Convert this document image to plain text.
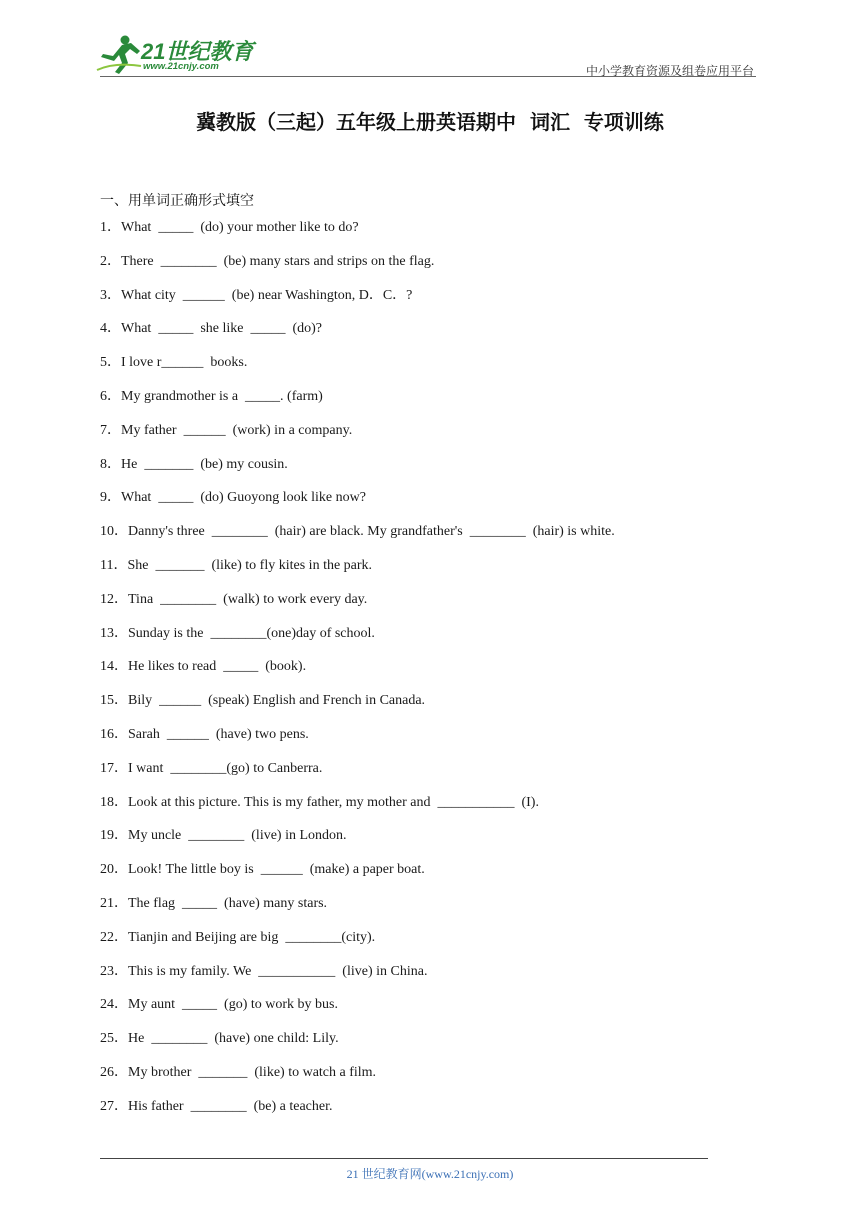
21世纪教育
www.21cnjy.com	中小学教育资源及组卷应用平台
冀教版（三起）五年级上册英语期中  词汇  专项训练
一、用单词正确形式填空
1．What  _____  (do) your mother like to do?
2．There  ________  (be) many stars and strips on the flag.
3．What city  ______  (be) near Washington, D．C．?
4．What  _____  she like  _____  (do)?
5．I love r______  books.
6．My grandmother is a  _____. (farm)
7．My father  ______  (work) in a company.
8．He  _______  (be) my cousin.
9．What  _____  (do) Guoyong look like now?
10．Danny's three  ________  (hair) are black. My grandfather's  ________  (hair) is white.
11．She  _______  (like) to fly kites in the park.
12．Tina  ________  (walk) to work every day.
13．Sunday is the  ________(one)day of school.
14．He likes to read  _____  (book).
15．Bily  ______  (speak) English and French in Canada.
16．Sarah  ______  (have) two pens.
17．I want  ________(go) to Canberra.
18．Look at this picture. This is my father, my mother and  ___________  (I).
19．My uncle  ________  (live) in London.
20．Look! The little boy is  ______  (make) a paper boat.
21．The flag  _____  (have) many stars.
22．Tianjin and Beijing are big  ________(city).
23．This is my family. We  ___________  (live) in China.
24．My aunt  _____  (go) to work by bus.
25．He  ________  (have) one child: Lily.
26．My brother  _______  (like) to watch a film.
27．His father  ________  (be) a teacher.
21 世纪教育网(www.21cnjy.com)
